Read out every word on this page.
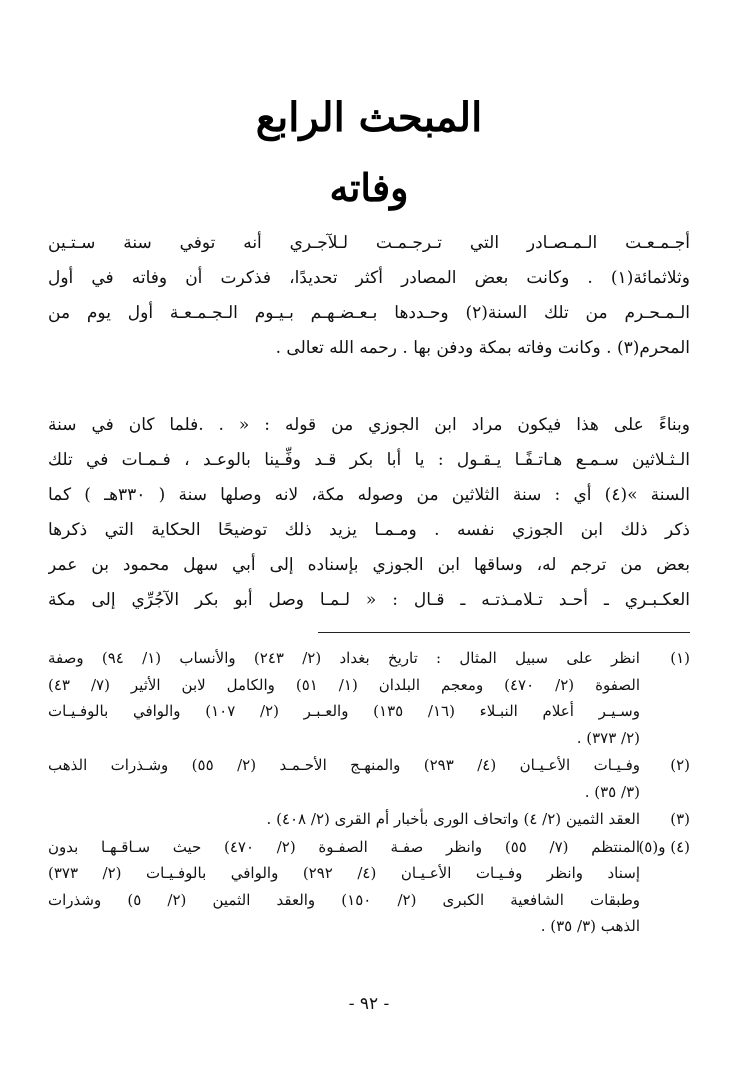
المبحث الرابع
وفاته
أجـمـعـت الـمـصـادر التي تـرجـمـت لـلآجـري أنه توفي سنة سـتـين
وثلاثمائة(١) . وكانت بعض المصادر أكثر تحديدًا، فذكرت أن وفاته في أول
الـمـحـرم من تلك السنة(٢) وحـددها بـعـضـهـم بـيـوم الـجـمـعـة أول يوم من
المحرم(٣) . وكانت وفاته بمكة ودفن بها . رحمه الله تعالى .
وبناءً على هذا فيكون مراد ابن الجوزي من قوله : « . .فلما كان في سنة
الـثـلاثين سـمـع هـاتـفًـا يـقـول : يا أبا بكر قـد وفِّـينا بالوعـد ، فـمـات في تلك
السنة »(٤) أي : سنة الثلاثين من وصوله مكة، لانه وصلها سنة ( ٣٣٠هـ ) كما
ذكر ذلك ابن الجوزي نفسه . ومـمـا يزيد ذلك توضيحًا الحكاية التي ذكرها
بعض من ترجم له، وساقها ابن الجوزي بإسناده إلى أبي سهل محمود بن عمر
العكـبـري ـ أحـد تـلامـذتـه ـ قـال : « لـمـا وصل أبو بكر الآجُرِّي إلى مكة
(١)
انظر على سبيل المثال : تاريخ بغداد (٢/ ٢٤٣) والأنساب (١/ ٩٤) وصفة
الصفوة (٢/ ٤٧٠) ومعجم البلدان (١/ ٥١) والكامل لابن الأثير (٧/ ٤٣)
وسـيـر أعلام النبـلاء (١٦/ ١٣٥) والعـبـر (٢/ ١٠٧) والوافي بالوفـيـات
(٢/ ٣٧٣) .
(٢)
وفـيـات الأعـيـان (٤/ ٢٩٣) والمنهـج الأحـمـد (٢/ ٥٥) وشـذرات الذهب
(٣/ ٣٥) .
(٣)
العقد الثمين (٢/ ٤) واتحاف الورى بأخبار أم القرى (٢/ ٤٠٨) .
(٤) و(٥)
المنتظم (٧/ ٥٥) وانظر صفـة الصفـوة (٢/ ٤٧٠) حيث سـاقـهـا بدون
إسناد وانظر وفـيـات الأعـيـان (٤/ ٢٩٢) والوافي بالوفـيـات (٢/ ٣٧٣)
وطبقات الشافعية الكبرى (٢/ ١٥٠) والعقد الثمين (٢/ ٥) وشذرات
الذهب (٣/ ٣٥) .
- ٩٢ -
